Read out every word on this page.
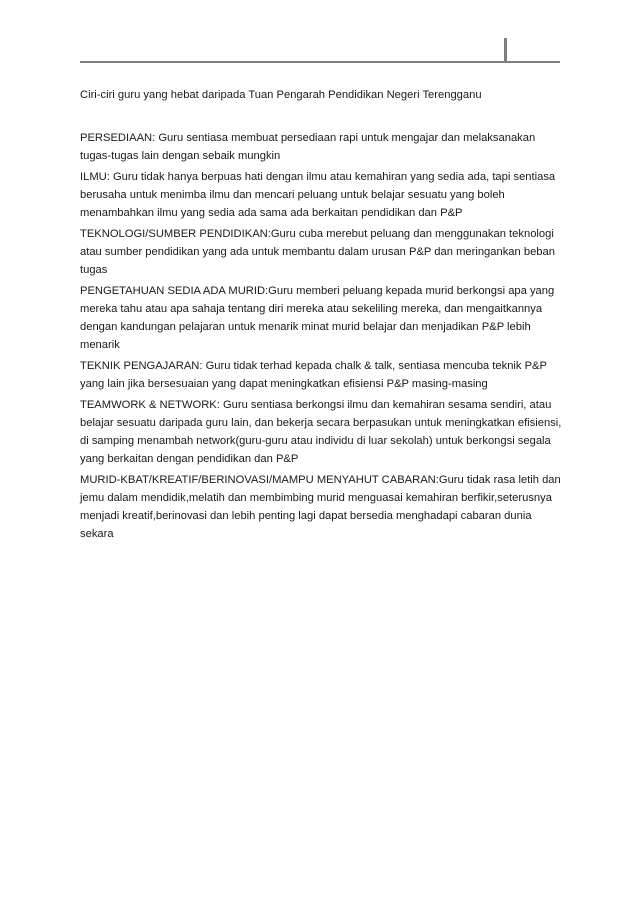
Ciri-ciri guru yang hebat daripada Tuan Pengarah Pendidikan Negeri Terengganu

PERSEDIAAN: Guru sentiasa membuat persediaan rapi untuk mengajar dan melaksanakan tugas-tugas lain dengan sebaik mungkin

ILMU: Guru tidak hanya berpuas hati dengan ilmu atau kemahiran yang sedia ada, tapi sentiasa berusaha untuk menimba ilmu dan mencari peluang untuk belajar sesuatu yang boleh menambahkan ilmu yang sedia ada sama ada berkaitan pendidikan dan P&P

TEKNOLOGI/SUMBER PENDIDIKAN:Guru cuba merebut peluang dan menggunakan teknologi atau sumber pendidikan yang ada untuk membantu dalam urusan P&P dan meringankan beban tugas

PENGETAHUAN SEDIA ADA MURID:Guru memberi peluang kepada murid berkongsi apa yang mereka tahu atau apa sahaja tentang diri mereka atau sekeliling mereka, dan mengaitkannya dengan kandungan pelajaran untuk menarik minat murid belajar dan menjadikan P&P lebih menarik

TEKNIK PENGAJARAN: Guru tidak terhad kepada chalk & talk, sentiasa mencuba teknik P&P yang lain jika bersesuaian yang dapat meningkatkan efisiensi P&P masing-masing

TEAMWORK & NETWORK: Guru sentiasa berkongsi ilmu dan kemahiran sesama sendiri, atau belajar sesuatu daripada guru lain, dan bekerja secara berpasukan untuk meningkatkan efisiensi, di samping menambah network(guru-guru atau individu di luar sekolah) untuk berkongsi segala yang berkaitan dengan pendidikan dan P&P

MURID-KBAT/KREATIF/BERINOVASI/MAMPU MENYAHUT CABARAN:Guru tidak rasa letih dan jemu dalam mendidik,melatih dan membimbing murid menguasai kemahiran berfikir,seterusnya menjadi kreatif,berinovasi dan lebih penting lagi dapat bersedia menghadapi cabaran dunia sekara
